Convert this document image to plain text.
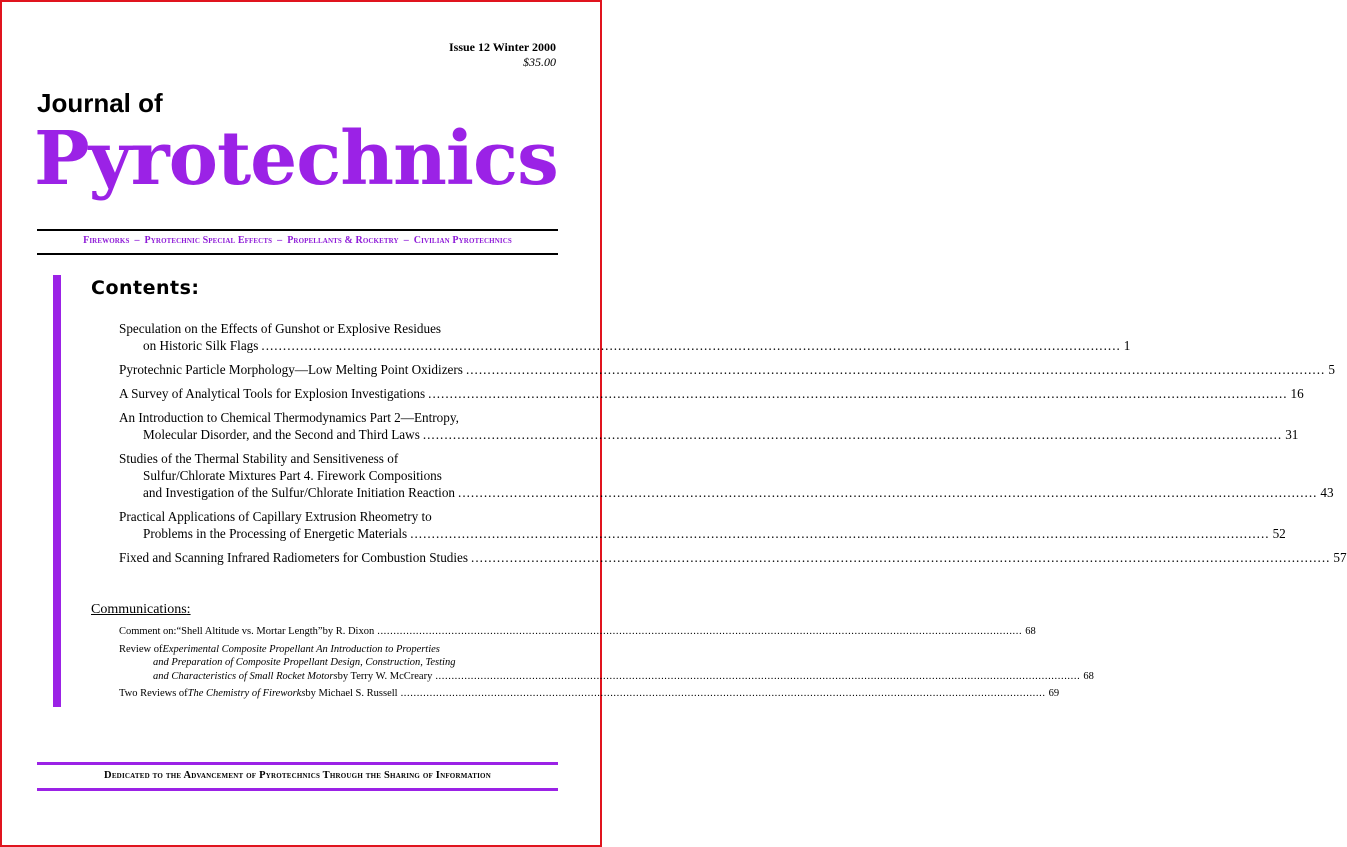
Issue 12 Winter 2000
$35.00
Journal of
Pyrotechnics
Fireworks – Pyrotechnic Special Effects – Propellants & Rocketry – Civilian Pyrotechnics
Contents:
Speculation on the Effects of Gunshot or Explosive Residues
on Historic Silk Flags ........................................................................................................................................................................................................ 1
Pyrotechnic Particle Morphology—Low Melting Point Oxidizers ........................................................................................................................................................................................................ 5
A Survey of Analytical Tools for Explosion Investigations ........................................................................................................................................................................................................ 16
An Introduction to Chemical Thermodynamics Part 2—Entropy,
Molecular Disorder, and the Second and Third Laws ........................................................................................................................................................................................................ 31
Studies of the Thermal Stability and Sensitiveness of
Sulfur/Chlorate Mixtures Part 4. Firework Compositions
and Investigation of the Sulfur/Chlorate Initiation Reaction ........................................................................................................................................................................................................ 43
Practical Applications of Capillary Extrusion Rheometry to
Problems in the Processing of Energetic Materials ........................................................................................................................................................................................................ 52
Fixed and Scanning Infrared Radiometers for Combustion Studies ........................................................................................................................................................................................................ 57
Communications:
Comment on: “Shell Altitude vs. Mortar Length” by R. Dixon ........................................................................................................................................................................................................ 68
Review of Experimental Composite Propellant An Introduction to Properties
and Preparation of Composite Propellant Design, Construction, Testing
and Characteristics of Small Rocket Motors by Terry W. McCreary ........................................................................................................................................................................................................ 68
Two Reviews of The Chemistry of Fireworks by Michael S. Russell ........................................................................................................................................................................................................ 69
Dedicated to the Advancement of Pyrotechnics Through the Sharing of Information
